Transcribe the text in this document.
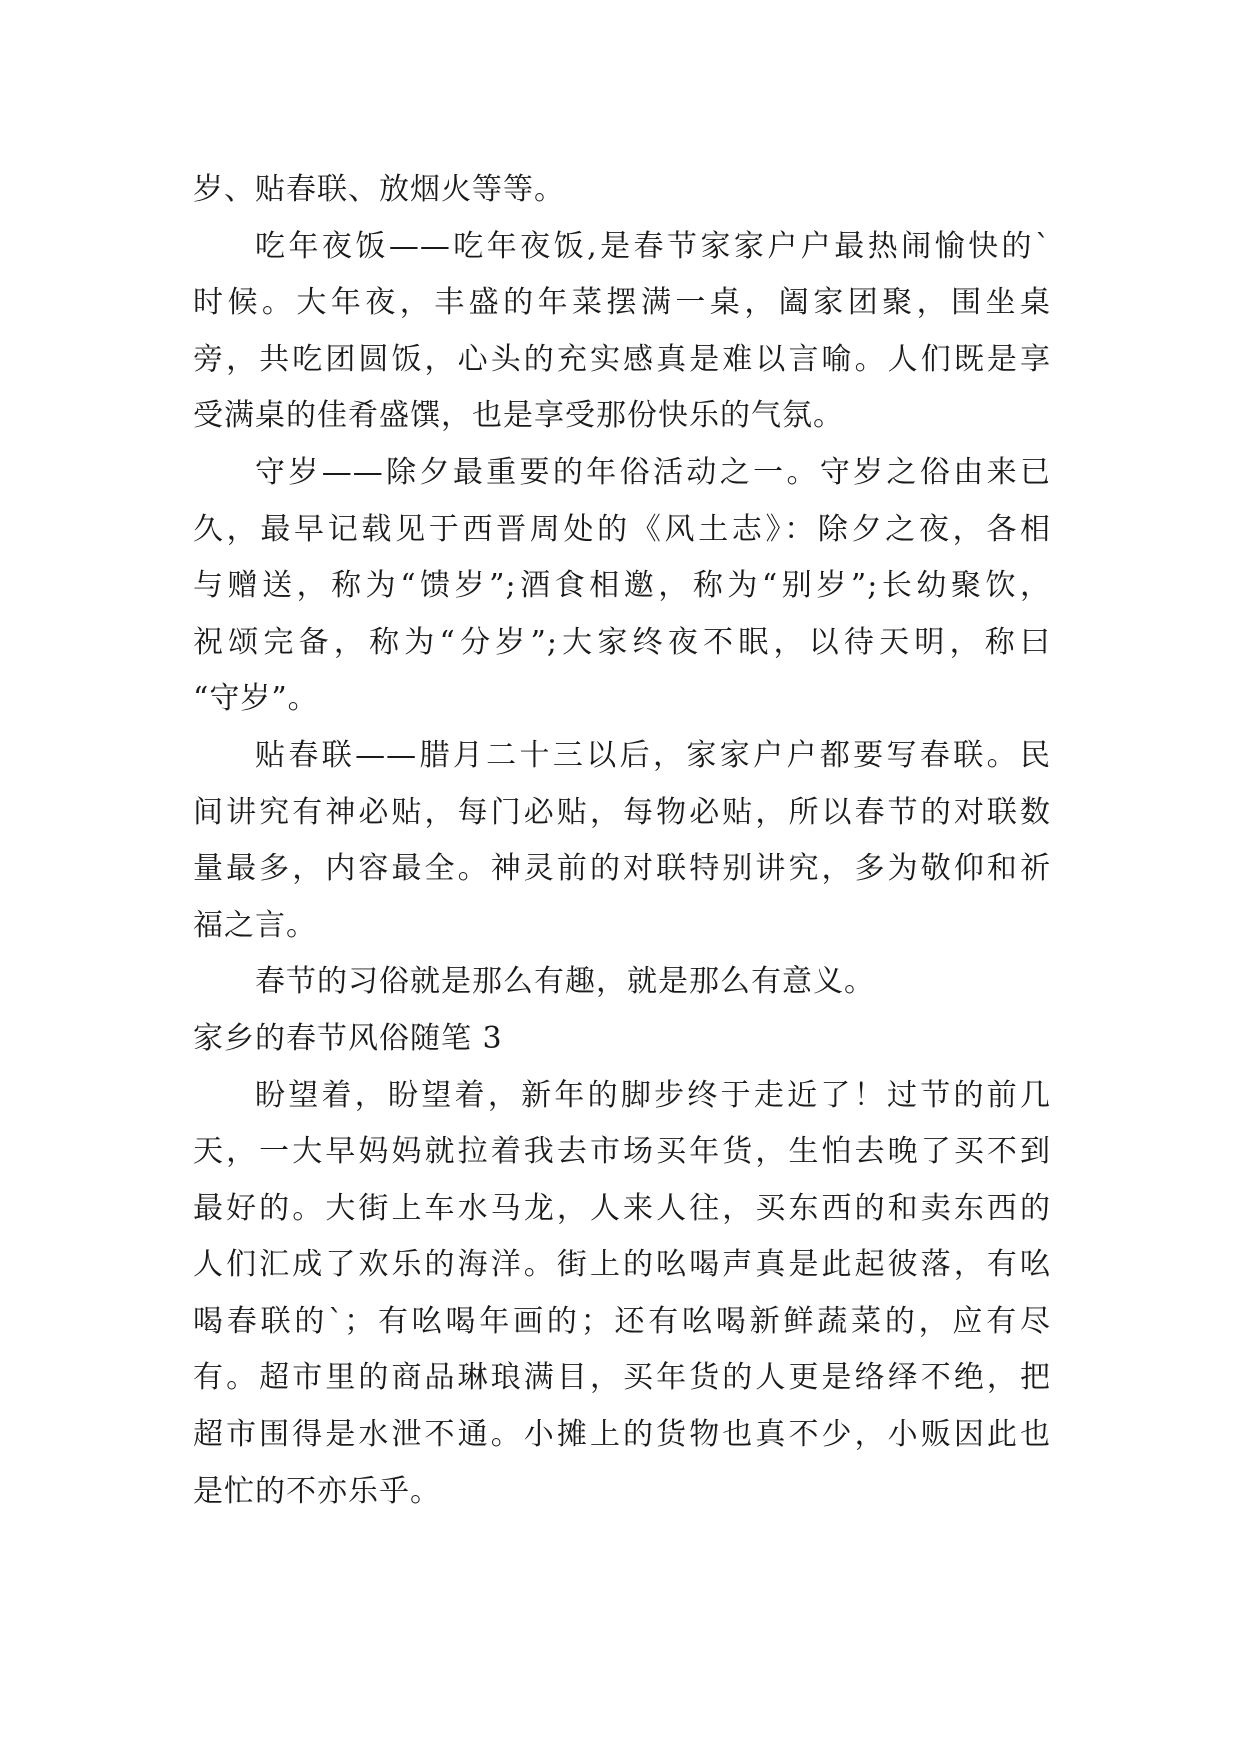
岁、贴春联、放烟火等等。
吃年夜饭——吃年夜饭,是春节家家户户最热闹愉快的`
时候。大年夜，丰盛的年菜摆满一桌，阖家团聚，围坐桌
旁，共吃团圆饭，心头的充实感真是难以言喻。人们既是享
受满桌的佳肴盛馔，也是享受那份快乐的气氛。
守岁——除夕最重要的年俗活动之一。守岁之俗由来已
久，最早记载见于西晋周处的《风土志》：除夕之夜，各相
与赠送，称为“馈岁”;酒食相邀，称为“别岁”;长幼聚饮，
祝颂完备，称为“分岁”;大家终夜不眠，以待天明，称曰
“守岁”。
贴春联——腊月二十三以后，家家户户都要写春联。民
间讲究有神必贴，每门必贴，每物必贴，所以春节的对联数
量最多，内容最全。神灵前的对联特别讲究，多为敬仰和祈
福之言。
春节的习俗就是那么有趣，就是那么有意义。
家乡的春节风俗随笔 3
盼望着，盼望着，新年的脚步终于走近了！过节的前几
天，一大早妈妈就拉着我去市场买年货，生怕去晚了买不到
最好的。大街上车水马龙，人来人往，买东西的和卖东西的
人们汇成了欢乐的海洋。街上的吆喝声真是此起彼落，有吆
喝春联的`；有吆喝年画的；还有吆喝新鲜蔬菜的，应有尽
有。超市里的商品琳琅满目，买年货的人更是络绎不绝，把
超市围得是水泄不通。小摊上的货物也真不少，小贩因此也
是忙的不亦乐乎。
